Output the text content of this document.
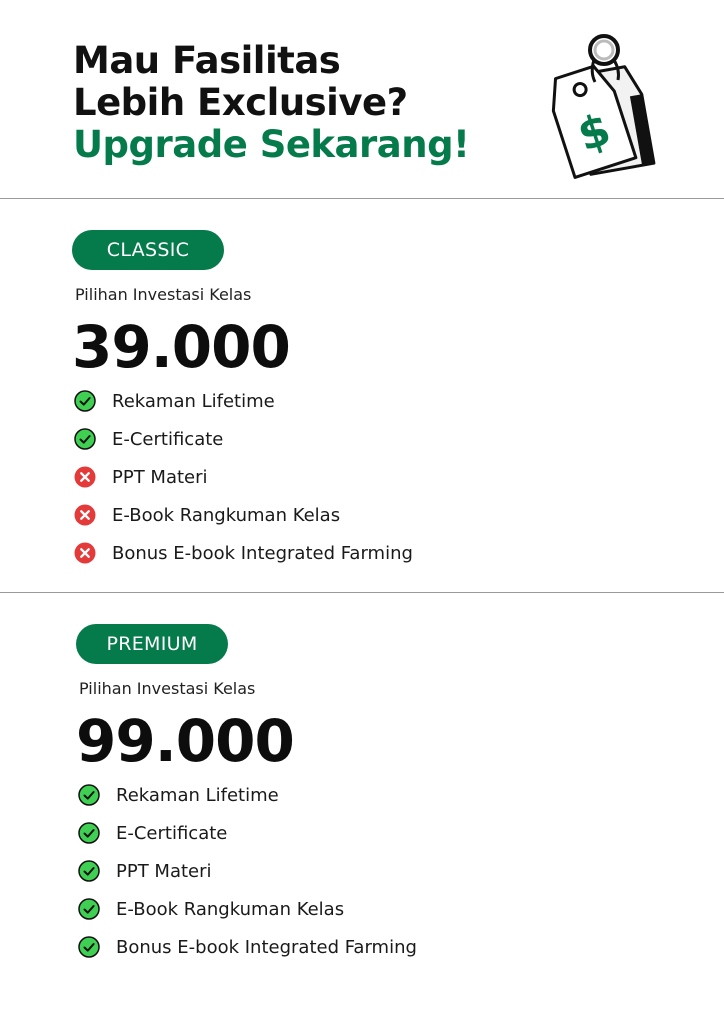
Mau Fasilitas
Lebih Exclusive?
Upgrade Sekarang! $
CLASSIC
Pilihan Investasi Kelas
39.000
Rekaman Lifetime
E-Certificate
PPT Materi
E-Book Rangkuman Kelas
Bonus E-book Integrated Farming
PREMIUM
Pilihan Investasi Kelas
99.000
Rekaman Lifetime
E-Certificate
PPT Materi
E-Book Rangkuman Kelas
Bonus E-book Integrated Farming
